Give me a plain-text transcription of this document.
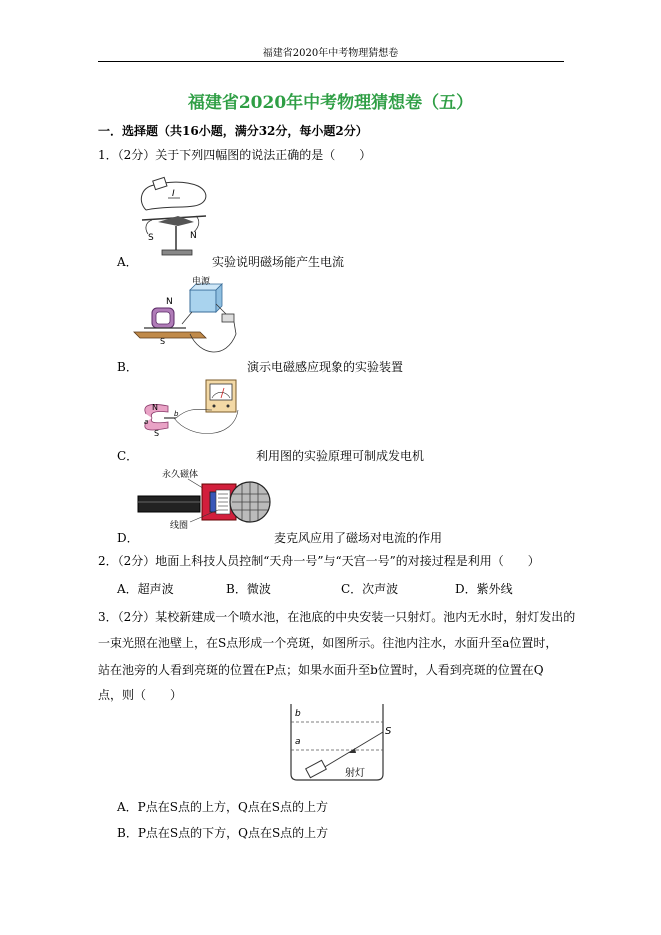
福建省2020年中考物理猜想卷
福建省2020年中考物理猜想卷（五）
一．选择题（共16小题，满分32分，每小题2分）
1．（2分）关于下列四幅图的说法正确的是（　　）
I
S	N
A．	实验说明磁场能产生电流
电源
N
S
B．	演示电磁感应现象的实验装置
N
S
a
b
C．	利用图的实验原理可制成发电机
永久磁体
线圈
D．	麦克风应用了磁场对电流的作用
2．（2分）地面上科技人员控制“天舟一号”与“天宫一号”的对接过程是利用（　　）
A．超声波	B．微波	C．次声波	D．紫外线
3．（2分）某校新建成一个喷水池，在池底的中央安装一只射灯。池内无水时，射灯发出的
一束光照在池壁上，在S点形成一个亮斑，如图所示。往池内注水，水面升至a位置时，
站在池旁的人看到亮斑的位置在P点；如果水面升至b位置时，人看到亮斑的位置在Q
点，则（　　）
b
a
S
射灯
A．P点在S点的上方，Q点在S点的上方
B．P点在S点的下方，Q点在S点的上方
